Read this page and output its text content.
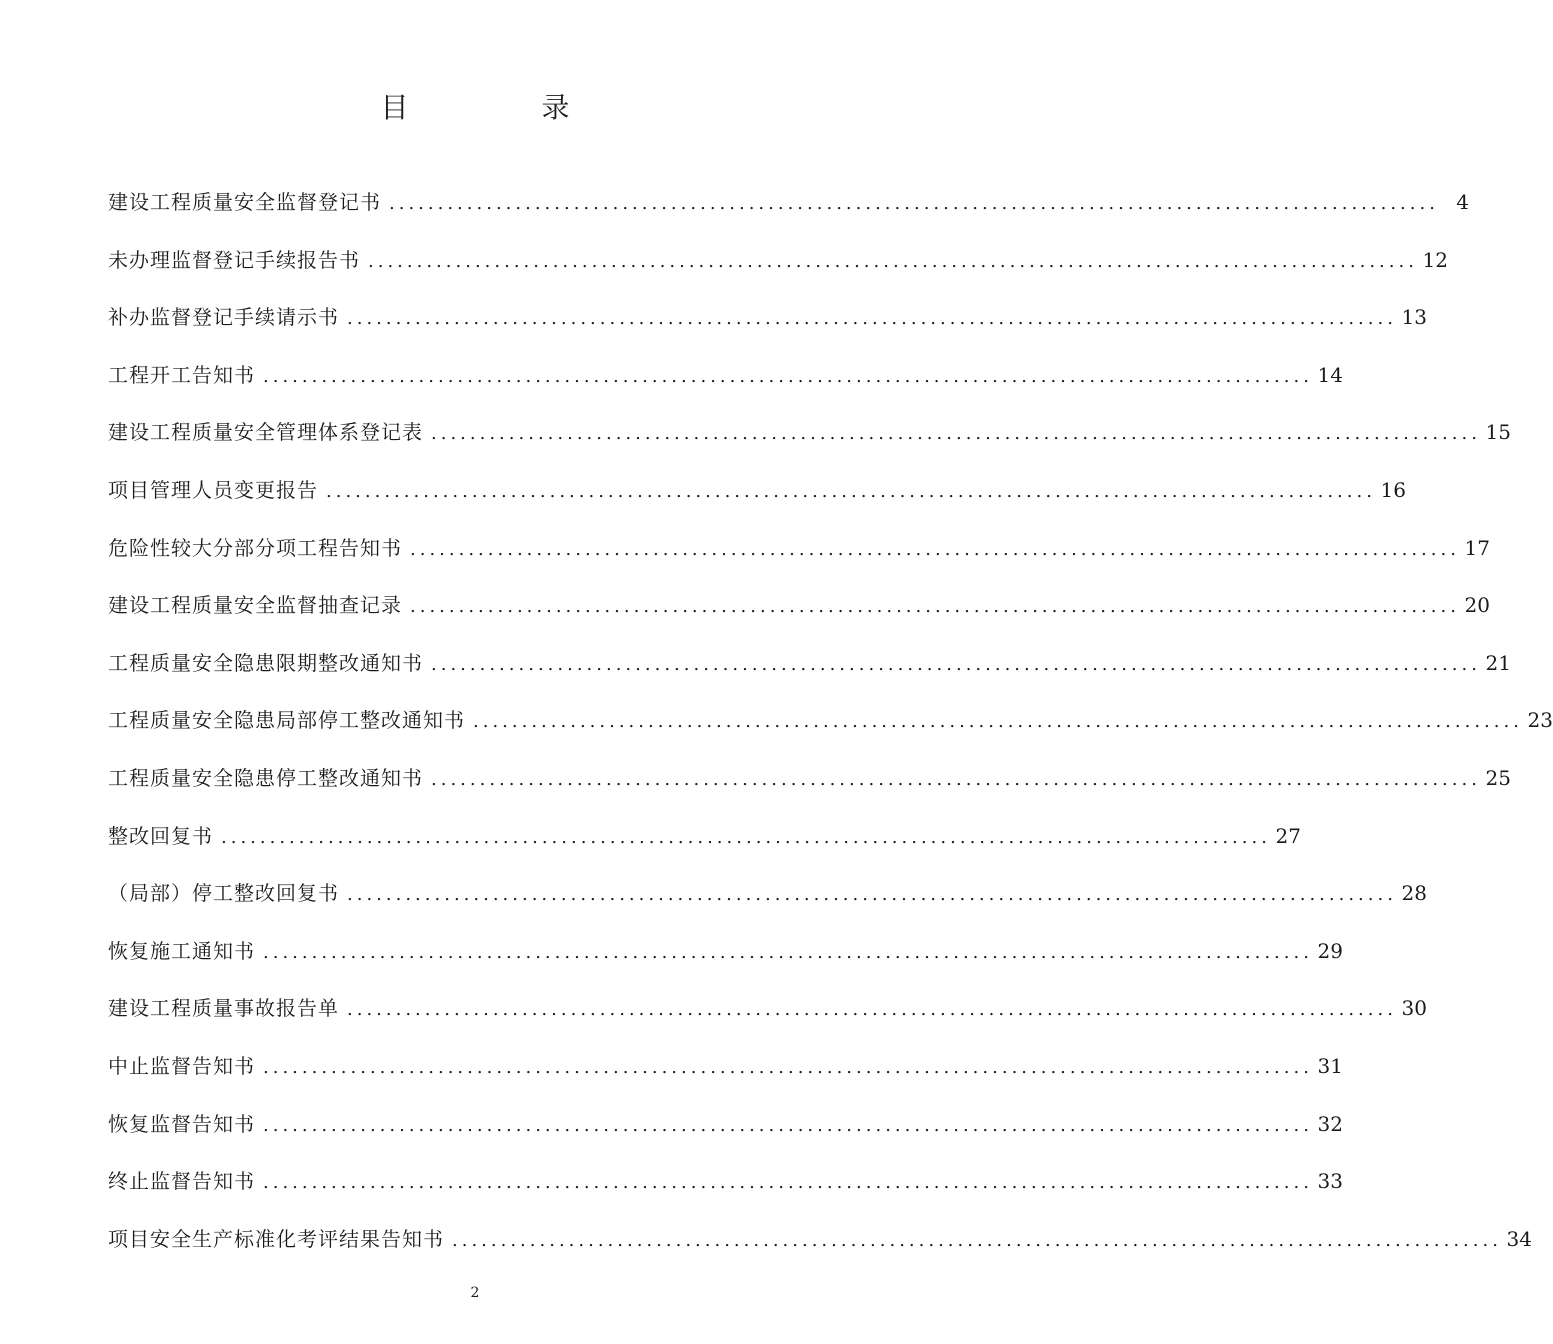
目 录
建设工程质量安全监督登记书 ............................................................................................................ 4
未办理监督登记手续报告书 ............................................................................................................ 12
补办监督登记手续请示书 ............................................................................................................ 13
工程开工告知书 ............................................................................................................ 14
建设工程质量安全管理体系登记表 ............................................................................................................ 15
项目管理人员变更报告 ............................................................................................................ 16
危险性较大分部分项工程告知书 ............................................................................................................ 17
建设工程质量安全监督抽查记录 ............................................................................................................ 20
工程质量安全隐患限期整改通知书 ............................................................................................................ 21
工程质量安全隐患局部停工整改通知书 ............................................................................................................ 23
工程质量安全隐患停工整改通知书 ............................................................................................................ 25
整改回复书 ............................................................................................................ 27
（局部）停工整改回复书 ............................................................................................................ 28
恢复施工通知书 ............................................................................................................ 29
建设工程质量事故报告单 ............................................................................................................ 30
中止监督告知书 ............................................................................................................ 31
恢复监督告知书 ............................................................................................................ 32
终止监督告知书 ............................................................................................................ 33
项目安全生产标准化考评结果告知书 ............................................................................................................ 34
2
